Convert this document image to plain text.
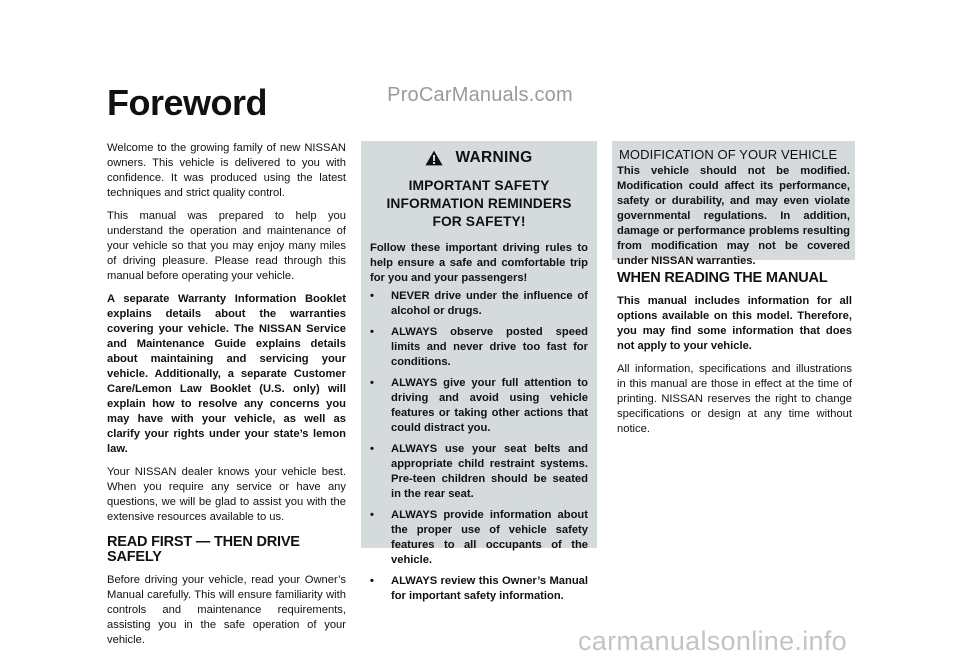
ProCarManuals.com
Foreword

Welcome to the growing family of new NISSAN owners. This vehicle is delivered to you with confidence. It was produced using the latest techniques and strict quality control.

This manual was prepared to help you understand the operation and maintenance of your vehicle so that you may enjoy many miles of driving pleasure. Please read through this manual before operating your vehicle.

A separate Warranty Information Booklet explains details about the warranties covering your vehicle. The NISSAN Service and Maintenance Guide explains details about maintaining and servicing your vehicle. Additionally, a separate Customer Care/Lemon Law Booklet (U.S. only) will explain how to resolve any concerns you may have with your vehicle, as well as clarify your rights under your state’s lemon law.

Your NISSAN dealer knows your vehicle best. When you require any service or have any questions, we will be glad to assist you with the extensive resources available to us.

READ FIRST — THEN DRIVE SAFELY

Before driving your vehicle, read your Owner’s Manual carefully. This will ensure familiarity with controls and maintenance requirements, assisting you in the safe operation of your vehicle.

WARNING
IMPORTANT SAFETY INFORMATION REMINDERS FOR SAFETY!

Follow these important driving rules to help ensure a safe and comfortable trip for you and your passengers!

• NEVER drive under the influence of alcohol or drugs.
• ALWAYS observe posted speed limits and never drive too fast for conditions.
• ALWAYS give your full attention to driving and avoid using vehicle features or taking other actions that could distract you.
• ALWAYS use your seat belts and appropriate child restraint systems. Pre-teen children should be seated in the rear seat.
• ALWAYS provide information about the proper use of vehicle safety features to all occupants of the vehicle.
• ALWAYS review this Owner’s Manual for important safety information.
MODIFICATION OF YOUR VEHICLE

This vehicle should not be modified. Modification could affect its performance, safety or durability, and may even violate governmental regulations. In addition, damage or performance problems resulting from modification may not be covered under NISSAN warranties.

WHEN READING THE MANUAL

This manual includes information for all options available on this model. Therefore, you may find some information that does not apply to your vehicle.

All information, specifications and illustrations in this manual are those in effect at the time of printing. NISSAN reserves the right to change specifications or design at any time without notice.

carmanualsonline.info
